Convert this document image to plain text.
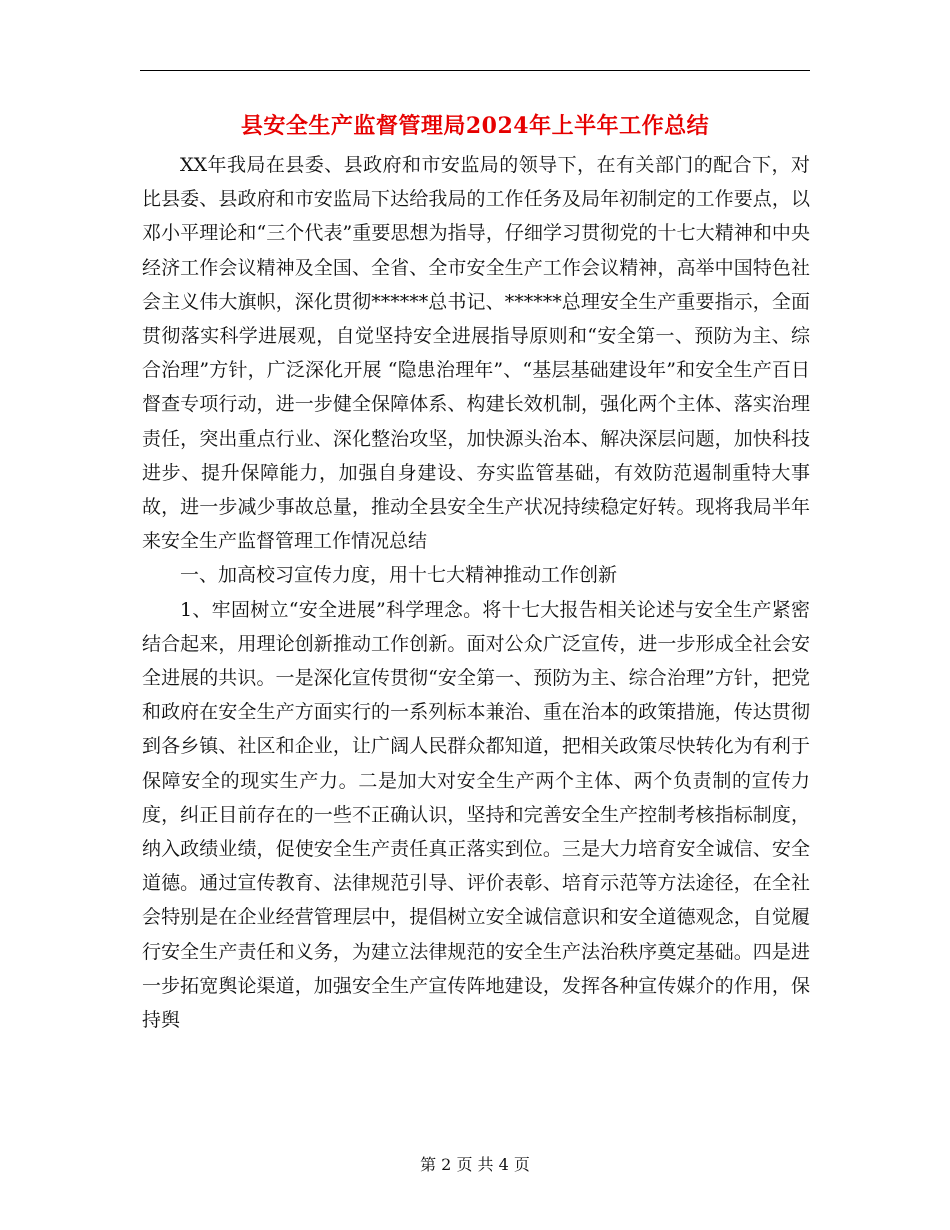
县安全生产监督管理局2024年上半年工作总结

XX年我局在县委、县政府和市安监局的领导下，在有关部门的配合下，对比县委、县政府和市安监局下达给我局的工作任务及局年初制定的工作要点，以邓小平理论和“三个代表”重要思想为指导，仔细学习贯彻党的十七大精神和中央经济工作会议精神及全国、全省、全市安全生产工作会议精神，高举中国特色社会主义伟大旗帜，深化贯彻******总书记、******总理安全生产重要指示，全面贯彻落实科学进展观，自觉坚持安全进展指导原则和“安全第一、预防为主、综合治理”方针，广泛深化开展 “隐患治理年”、“基层基础建设年”和安全生产百日督查专项行动，进一步健全保障体系、构建长效机制，强化两个主体、落实治理责任，突出重点行业、深化整治攻坚，加快源头治本、解决深层问题，加快科技进步、提升保障能力，加强自身建设、夯实监管基础，有效防范遏制重特大事故，进一步减少事故总量，推动全县安全生产状况持续稳定好转。现将我局半年来安全生产监督管理工作情况总结

一、加高校习宣传力度，用十七大精神推动工作创新

1、牢固树立“安全进展”科学理念。将十七大报告相关论述与安全生产紧密结合起来，用理论创新推动工作创新。面对公众广泛宣传，进一步形成全社会安全进展的共识。一是深化宣传贯彻“安全第一、预防为主、综合治理”方针，把党和政府在安全生产方面实行的一系列标本兼治、重在治本的政策措施，传达贯彻到各乡镇、社区和企业，让广阔人民群众都知道，把相关政策尽快转化为有利于保障安全的现实生产力。二是加大对安全生产两个主体、两个负责制的宣传力度，纠正目前存在的一些不正确认识，坚持和完善安全生产控制考核指标制度，纳入政绩业绩，促使安全生产责任真正落实到位。三是大力培育安全诚信、安全道德。通过宣传教育、法律规范引导、评价表彰、培育示范等方法途径，在全社会特别是在企业经营管理层中，提倡树立安全诚信意识和安全道德观念，自觉履行安全生产责任和义务，为建立法律规范的安全生产法治秩序奠定基础。四是进一步拓宽舆论渠道，加强安全生产宣传阵地建设，发挥各种宣传媒介的作用，保持舆

第 2 页 共 4 页
